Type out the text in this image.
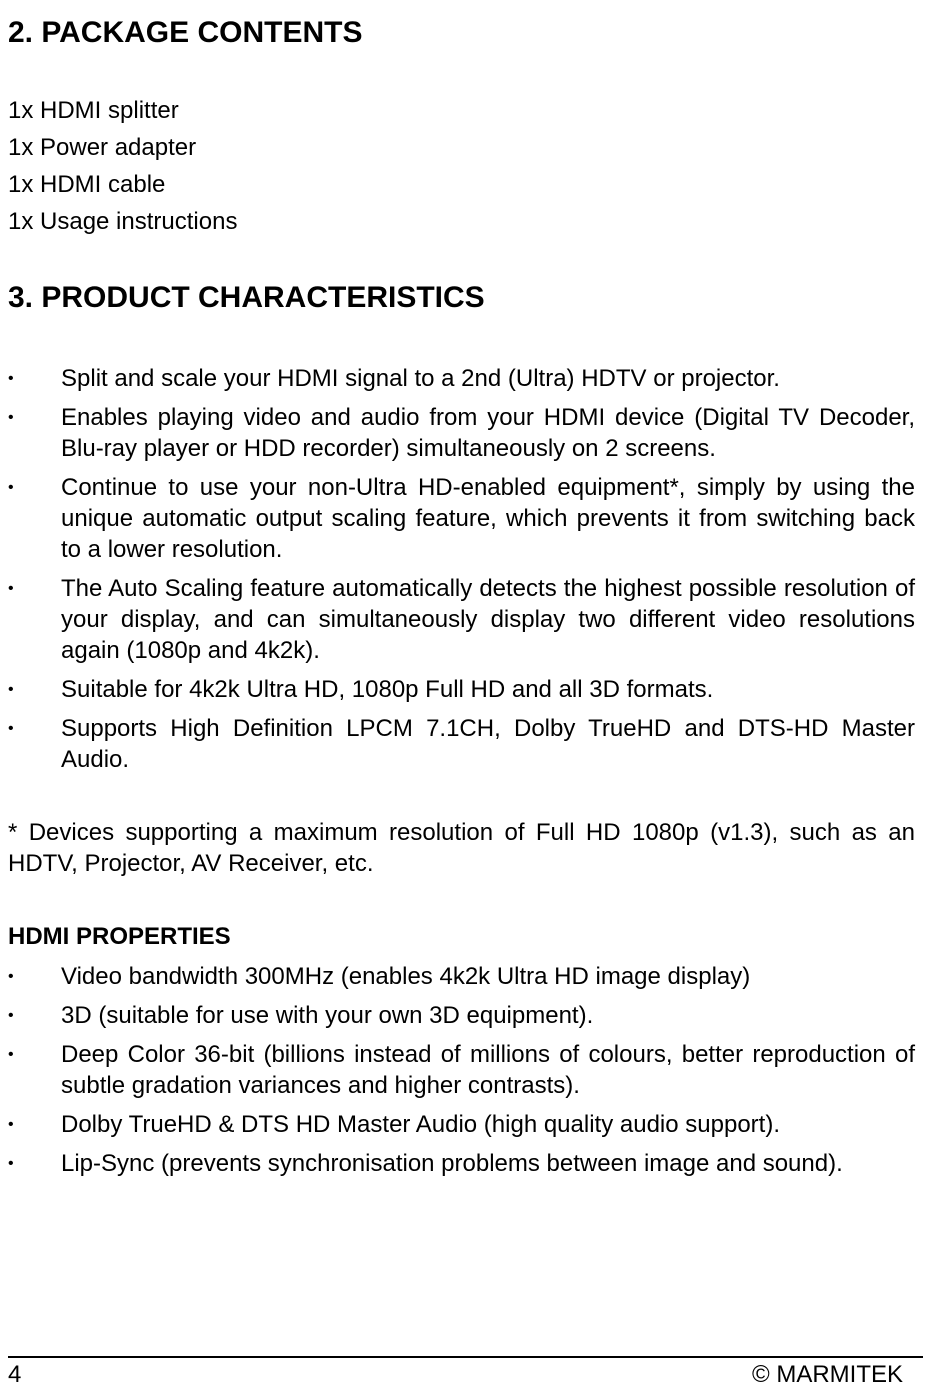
2. PACKAGE CONTENTS
1x HDMI splitter
1x Power adapter
1x HDMI cable
1x Usage instructions
3. PRODUCT CHARACTERISTICS
• Split and scale your HDMI signal to a 2nd (Ultra) HDTV or projector.
• Enables playing video and audio from your HDMI device (Digital TV Decoder, Blu-ray player or HDD recorder) simultaneously on 2 screens.
• Continue to use your non-Ultra HD-enabled equipment*, simply by using the unique automatic output scaling feature, which prevents it from switching back to a lower resolution.
• The Auto Scaling feature automatically detects the highest possible resolution of your display, and can simultaneously display two different video resolutions again (1080p and 4k2k).
• Suitable for 4k2k Ultra HD, 1080p Full HD and all 3D formats.
• Supports High Definition LPCM 7.1CH, Dolby TrueHD and DTS-HD Master Audio.

* Devices supporting a maximum resolution of Full HD 1080p (v1.3), such as an HDTV, Projector, AV Receiver, etc.

HDMI PROPERTIES
• Video bandwidth 300MHz (enables 4k2k Ultra HD image display)
• 3D (suitable for use with your own 3D equipment).
• Deep Color 36-bit (billions instead of millions of colours, better reproduction of subtle gradation variances and higher contrasts).
• Dolby TrueHD & DTS HD Master Audio (high quality audio support).
• Lip-Sync (prevents synchronisation problems between image and sound).
4	© MARMITEK
